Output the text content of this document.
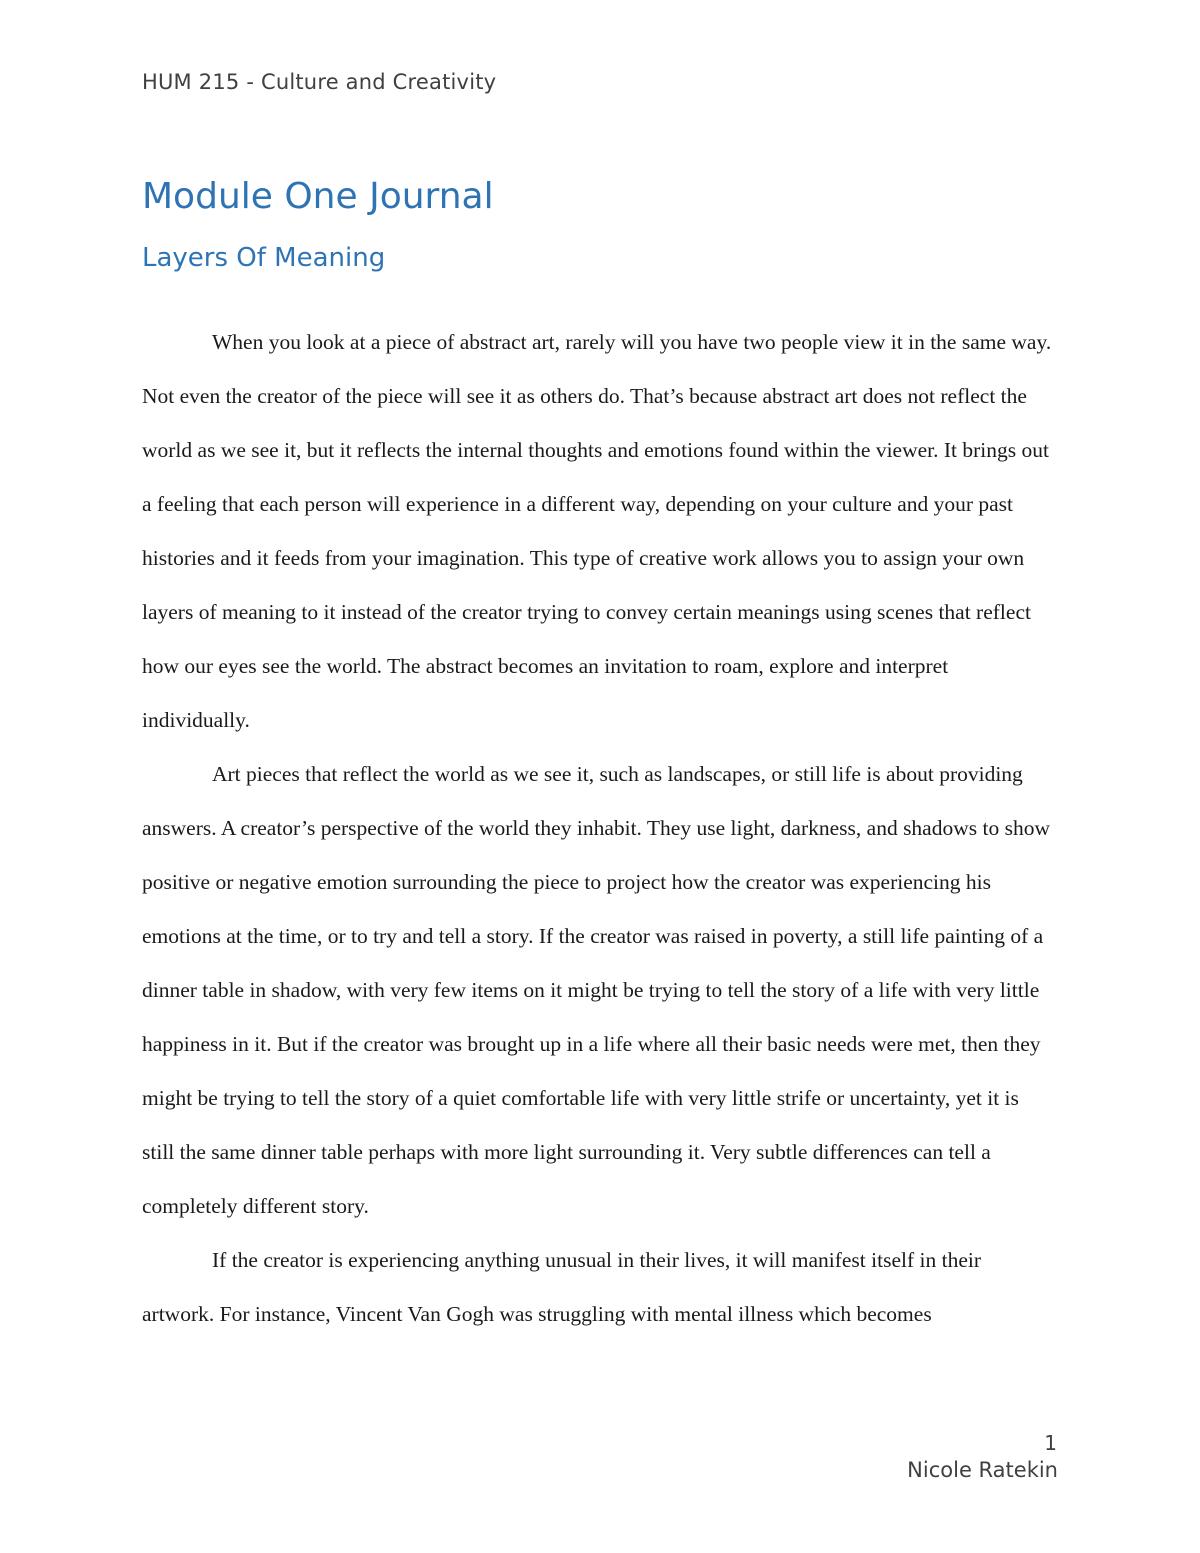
HUM 215 - Culture and Creativity
Module One Journal
Layers Of Meaning

When you look at a piece of abstract art, rarely will you have two people view it in the same way. Not even the creator of the piece will see it as others do. That’s because abstract art does not reflect the world as we see it, but it reflects the internal thoughts and emotions found within the viewer. It brings out a feeling that each person will experience in a different way, depending on your culture and your past histories and it feeds from your imagination. This type of creative work allows you to assign your own layers of meaning to it instead of the creator trying to convey certain meanings using scenes that reflect how our eyes see the world. The abstract becomes an invitation to roam, explore and interpret individually.

Art pieces that reflect the world as we see it, such as landscapes, or still life is about providing answers. A creator’s perspective of the world they inhabit. They use light, darkness, and shadows to show positive or negative emotion surrounding the piece to project how the creator was experiencing his emotions at the time, or to try and tell a story. If the creator was raised in poverty, a still life painting of a dinner table in shadow, with very few items on it might be trying to tell the story of a life with very little happiness in it. But if the creator was brought up in a life where all their basic needs were met, then they might be trying to tell the story of a quiet comfortable life with very little strife or uncertainty, yet it is still the same dinner table perhaps with more light surrounding it. Very subtle differences can tell a completely different story.

If the creator is experiencing anything unusual in their lives, it will manifest itself in their artwork. For instance, Vincent Van Gogh was struggling with mental illness which becomes

1
Nicole Ratekin
